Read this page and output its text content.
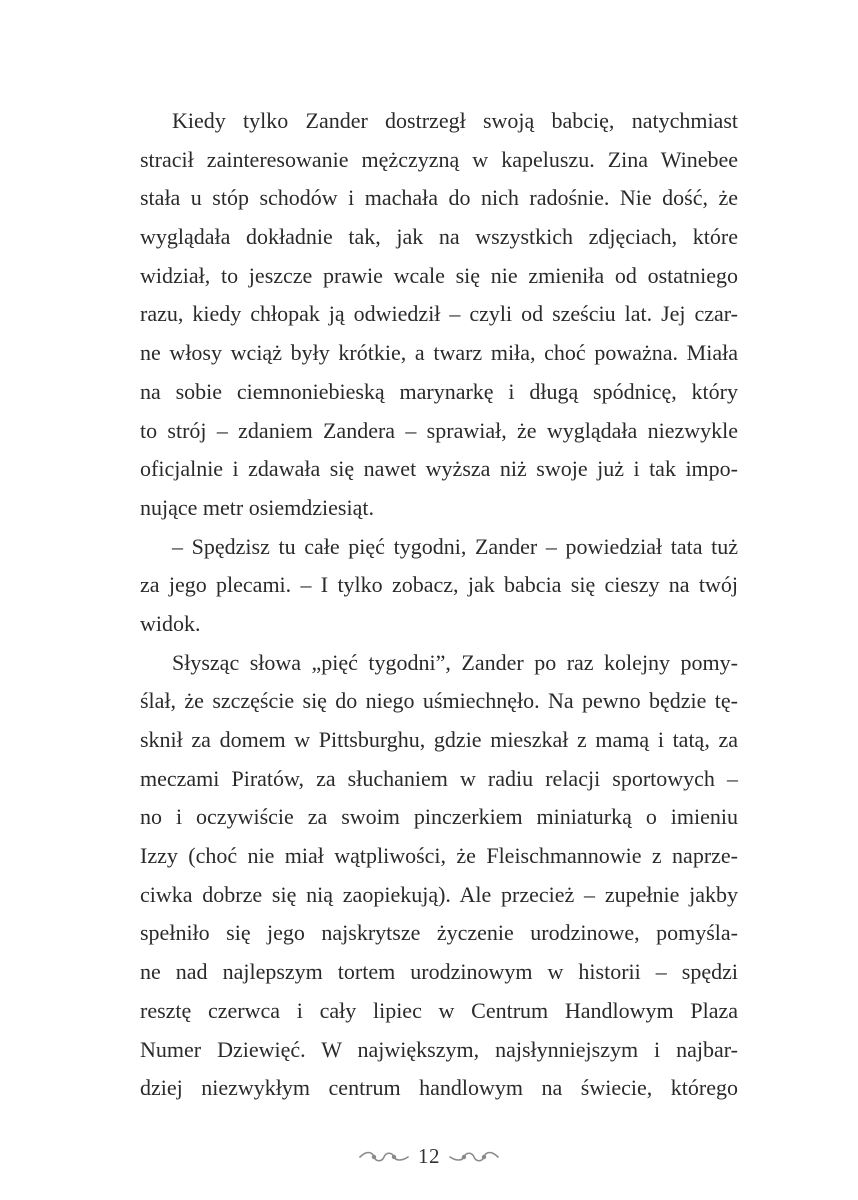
Kiedy tylko Zander dostrzegł swoją babcię, natychmiast
stracił zainteresowanie mężczyzną w kapeluszu. Zina Winebee
stała u stóp schodów i machała do nich radośnie. Nie dość, że
wyglądała dokładnie tak, jak na wszystkich zdjęciach, które
widział, to jeszcze prawie wcale się nie zmieniła od ostatniego
razu, kiedy chłopak ją odwiedził – czyli od sześciu lat. Jej czar-
ne włosy wciąż były krótkie, a twarz miła, choć poważna. Miała
na sobie ciemnoniebieską marynarkę i długą spódnicę, który
to strój – zdaniem Zandera – sprawiał, że wyglądała niezwykle
oficjalnie i zdawała się nawet wyższa niż swoje już i tak impo-
nujące metr osiemdziesiąt.
– Spędzisz tu całe pięć tygodni, Zander – powiedział tata tuż
za jego plecami. – I tylko zobacz, jak babcia się cieszy na twój
widok.
Słysząc słowa „pięć tygodni”, Zander po raz kolejny pomy-
ślał, że szczęście się do niego uśmiechnęło. Na pewno będzie tę-
sknił za domem w Pittsburghu, gdzie mieszkał z mamą i tatą, za
meczami Piratów, za słuchaniem w radiu relacji sportowych –
no i oczywiście za swoim pinczerkiem miniaturką o imieniu
Izzy (choć nie miał wątpliwości, że Fleischmannowie z naprze-
ciwka dobrze się nią zaopiekują). Ale przecież – zupełnie jakby
spełniło się jego najskrytsze życzenie urodzinowe, pomyśla-
ne nad najlepszym tortem urodzinowym w historii – spędzi
resztę czerwca i cały lipiec w Centrum Handlowym Plaza
Numer Dziewięć. W największym, najsłynniejszym i najbar-
dziej niezwykłym centrum handlowym na świecie, którego
12
